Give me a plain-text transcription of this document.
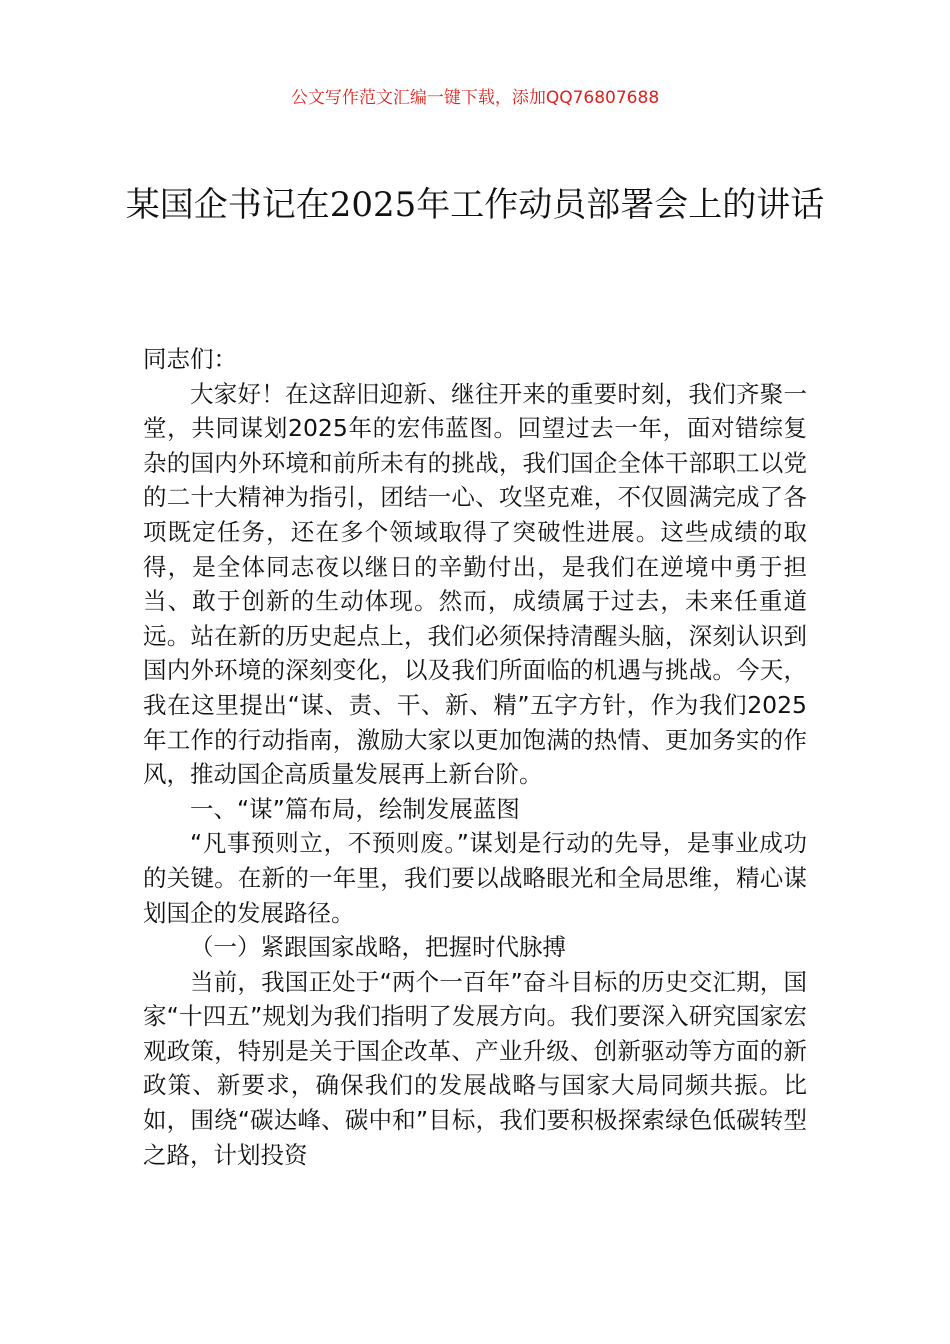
公文写作范文汇编一键下载，添加QQ76807688
某国企书记在2025年工作动员部署会上的讲话

同志们：

大家好！在这辞旧迎新、继往开来的重要时刻，我们齐聚一堂，共同谋划2025年的宏伟蓝图。回望过去一年，面对错综复杂的国内外环境和前所未有的挑战，我们国企全体干部职工以党的二十大精神为指引，团结一心、攻坚克难，不仅圆满完成了各项既定任务，还在多个领域取得了突破性进展。这些成绩的取得，是全体同志夜以继日的辛勤付出，是我们在逆境中勇于担当、敢于创新的生动体现。然而，成绩属于过去，未来任重道远。站在新的历史起点上，我们必须保持清醒头脑，深刻认识到国内外环境的深刻变化，以及我们所面临的机遇与挑战。今天，我在这里提出“谋、责、干、新、精”五字方针，作为我们2025年工作的行动指南，激励大家以更加饱满的热情、更加务实的作风，推动国企高质量发展再上新台阶。

一、“谋”篇布局，绘制发展蓝图

“凡事预则立，不预则废。”谋划是行动的先导，是事业成功的关键。在新的一年里，我们要以战略眼光和全局思维，精心谋划国企的发展路径。

（一）紧跟国家战略，把握时代脉搏

当前，我国正处于“两个一百年”奋斗目标的历史交汇期，国家“十四五”规划为我们指明了发展方向。我们要深入研究国家宏观政策，特别是关于国企改革、产业升级、创新驱动等方面的新政策、新要求，确保我们的发展战略与国家大局同频共振。比如，围绕“碳达峰、碳中和”目标，我们要积极探索绿色低碳转型之路，计划投资
